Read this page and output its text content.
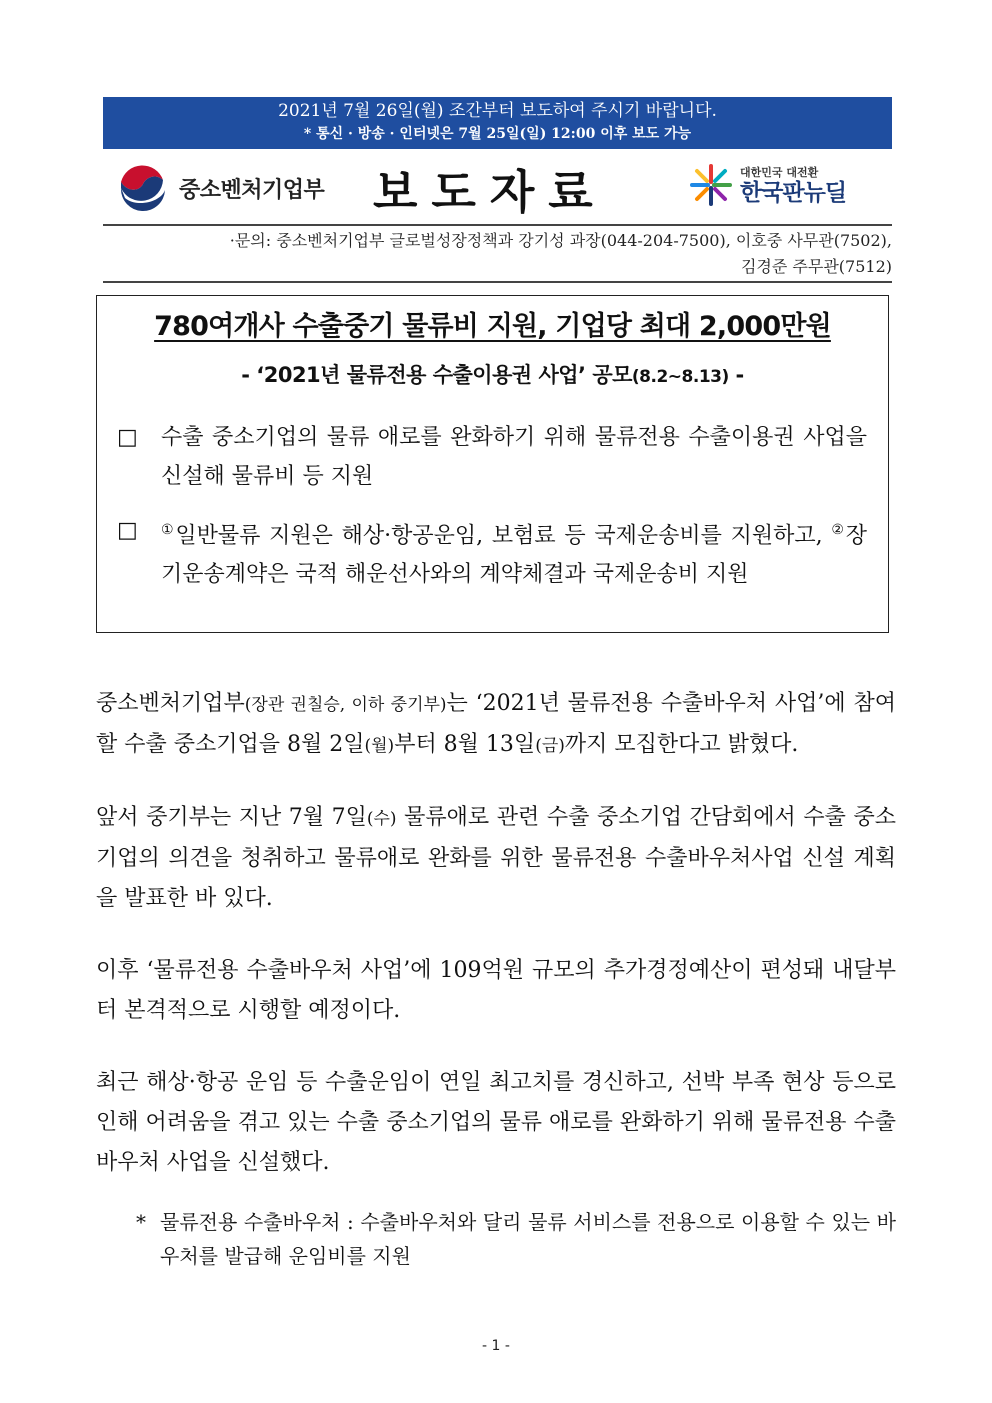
2021년 7월 26일(월) 조간부터 보도하여 주시기 바랍니다.
* 통신 · 방송 · 인터넷은 7월 25일(일) 12:00 이후 보도 가능
중소벤처기업부 보도자료	대한민국 대전환
한국판뉴딜
·문의: 중소벤처기업부 글로벌성장정책과 강기성 과장(044-204-7500), 이호중 사무관(7502),
김경준 주무관(7512)
780여개사 수출중기 물류비 지원, 기업당 최대 2,000만원
- ‘2021년 물류전용 수출이용권 사업’ 공모(8.2~8.13) -
□	수출 중소기업의 물류 애로를 완화하기 위해 물류전용 수출이용권 사업을 신설해 물류비 등 지원
□	①일반물류 지원은 해상·항공운임, 보험료 등 국제운송비를 지원하고, ②장기운송계약은 국적 해운선사와의 계약체결과 국제운송비 지원

중소벤처기업부(장관 권칠승, 이하 중기부)는 ‘2021년 물류전용 수출바우처 사업’에 참여할 수출 중소기업을 8월 2일(월)부터 8월 13일(금)까지 모집한다고 밝혔다.

앞서 중기부는 지난 7월 7일(수) 물류애로 관련 수출 중소기업 간담회에서 수출 중소기업의 의견을 청취하고 물류애로 완화를 위한 물류전용 수출바우처사업 신설 계획을 발표한 바 있다.

이후 ‘물류전용 수출바우처 사업’에 109억원 규모의 추가경정예산이 편성돼 내달부터 본격적으로 시행할 예정이다.

최근 해상·항공 운임 등 수출운임이 연일 최고치를 경신하고, 선박 부족 현상 등으로 인해 어려움을 겪고 있는 수출 중소기업의 물류 애로를 완화하기 위해 물류전용 수출바우처 사업을 신설했다.

* 물류전용 수출바우처 : 수출바우처와 달리 물류 서비스를 전용으로 이용할 수 있는 바우처를 발급해 운임비를 지원
- 1 -
